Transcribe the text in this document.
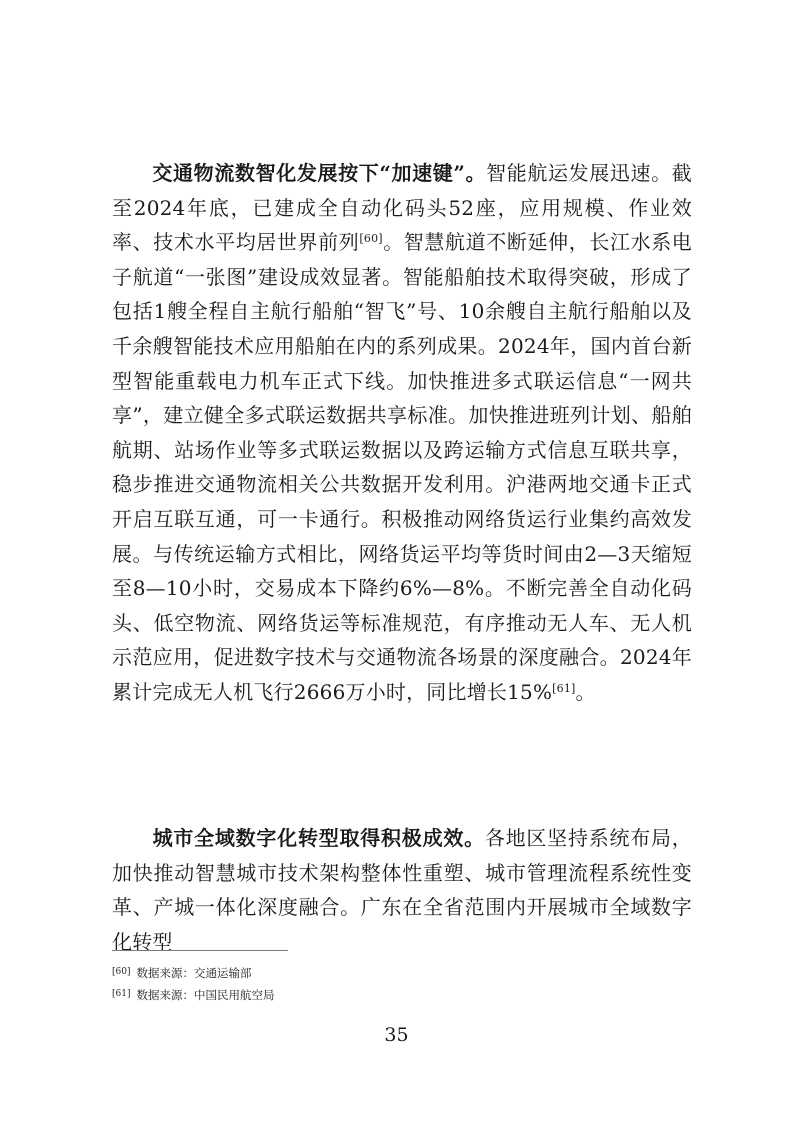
交通物流数智化发展按下“加速键”。智能航运发展迅速。截至2024年底，已建成全自动化码头52座，应用规模、作业效率、技术水平均居世界前列[60]。智慧航道不断延伸，长江水系电子航道“一张图”建设成效显著。智能船舶技术取得突破，形成了包括1艘全程自主航行船舶“智飞”号、10余艘自主航行船舶以及千余艘智能技术应用船舶在内的系列成果。2024年，国内首台新型智能重载电力机车正式下线。加快推进多式联运信息“一网共享”，建立健全多式联运数据共享标准。加快推进班列计划、船舶航期、站场作业等多式联运数据以及跨运输方式信息互联共享，稳步推进交通物流相关公共数据开发利用。沪港两地交通卡正式开启互联互通，可一卡通行。积极推动网络货运行业集约高效发展。与传统运输方式相比，网络货运平均等货时间由2—3天缩短至8—10小时，交易成本下降约6%—8%。不断完善全自动化码头、低空物流、网络货运等标准规范，有序推动无人车、无人机示范应用，促进数字技术与交通物流各场景的深度融合。2024年累计完成无人机飞行2666万小时，同比增长15%[61]。
城市全域数字化转型取得积极成效。各地区坚持系统布局，加快推动智慧城市技术架构整体性重塑、城市管理流程系统性变革、产城一体化深度融合。广东在全省范围内开展城市全域数字化转型
[60] 数据来源：交通运输部
[61] 数据来源：中国民用航空局
35
